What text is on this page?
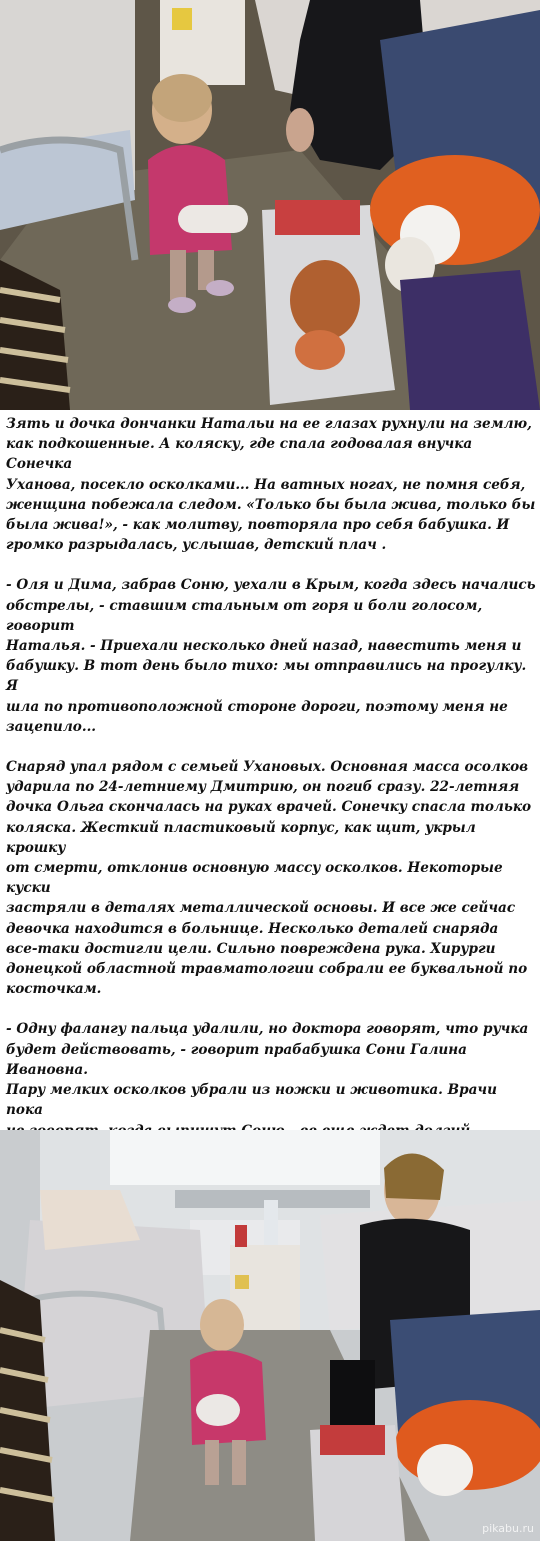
Зять и дочка дончанки Натальи на ее глазах рухнули на землю,
как подкошенные. А коляску, где спала годовалая внучка Сонечка
Уханова, посекло осколками... На ватных ногах, не помня себя,
женщина побежала следом. «Только бы была жива, только бы
была жива!», - как молитву, повторяла про себя бабушка. И
громко разрыдалась, услышав, детский плач .

- Оля и Дима, забрав Соню, уехали в Крым, когда здесь начались
обстрелы, - ставшим стальным от горя и боли голосом, говорит
Наталья. - Приехали несколько дней назад, навестить меня и
бабушку. В тот день было тихо: мы отправились на прогулку. Я
шла по противоположной стороне дороги, поэтому меня не
зацепило...

Снаряд упал рядом с семьей Ухановых. Основная масса осолков
ударила по 24-летниему Дмитрию, он погиб сразу. 22-летняя
дочка Ольга скончалась на руках врачей. Сонечку спасла только
коляска. Жесткий пластиковый корпус, как щит, укрыл крошку
от смерти, отклонив основную массу осколков. Некоторые куски
застряли в деталях металлической основы. И все же сейчас
девочка находится в больнице. Несколько деталей снаряда
все-таки достигли цели. Сильно повреждена рука. Хирурги
донецкой областной травматологии собрали ее буквальной по
косточкам.

- Одну фалангу пальца удалили, но доктора говорят, что ручка
будет действовать, - говорит прабабушка Сони Галина Ивановна.
Пару мелких осколков убрали из ножки и животика. Врачи пока

pikabu.ru
